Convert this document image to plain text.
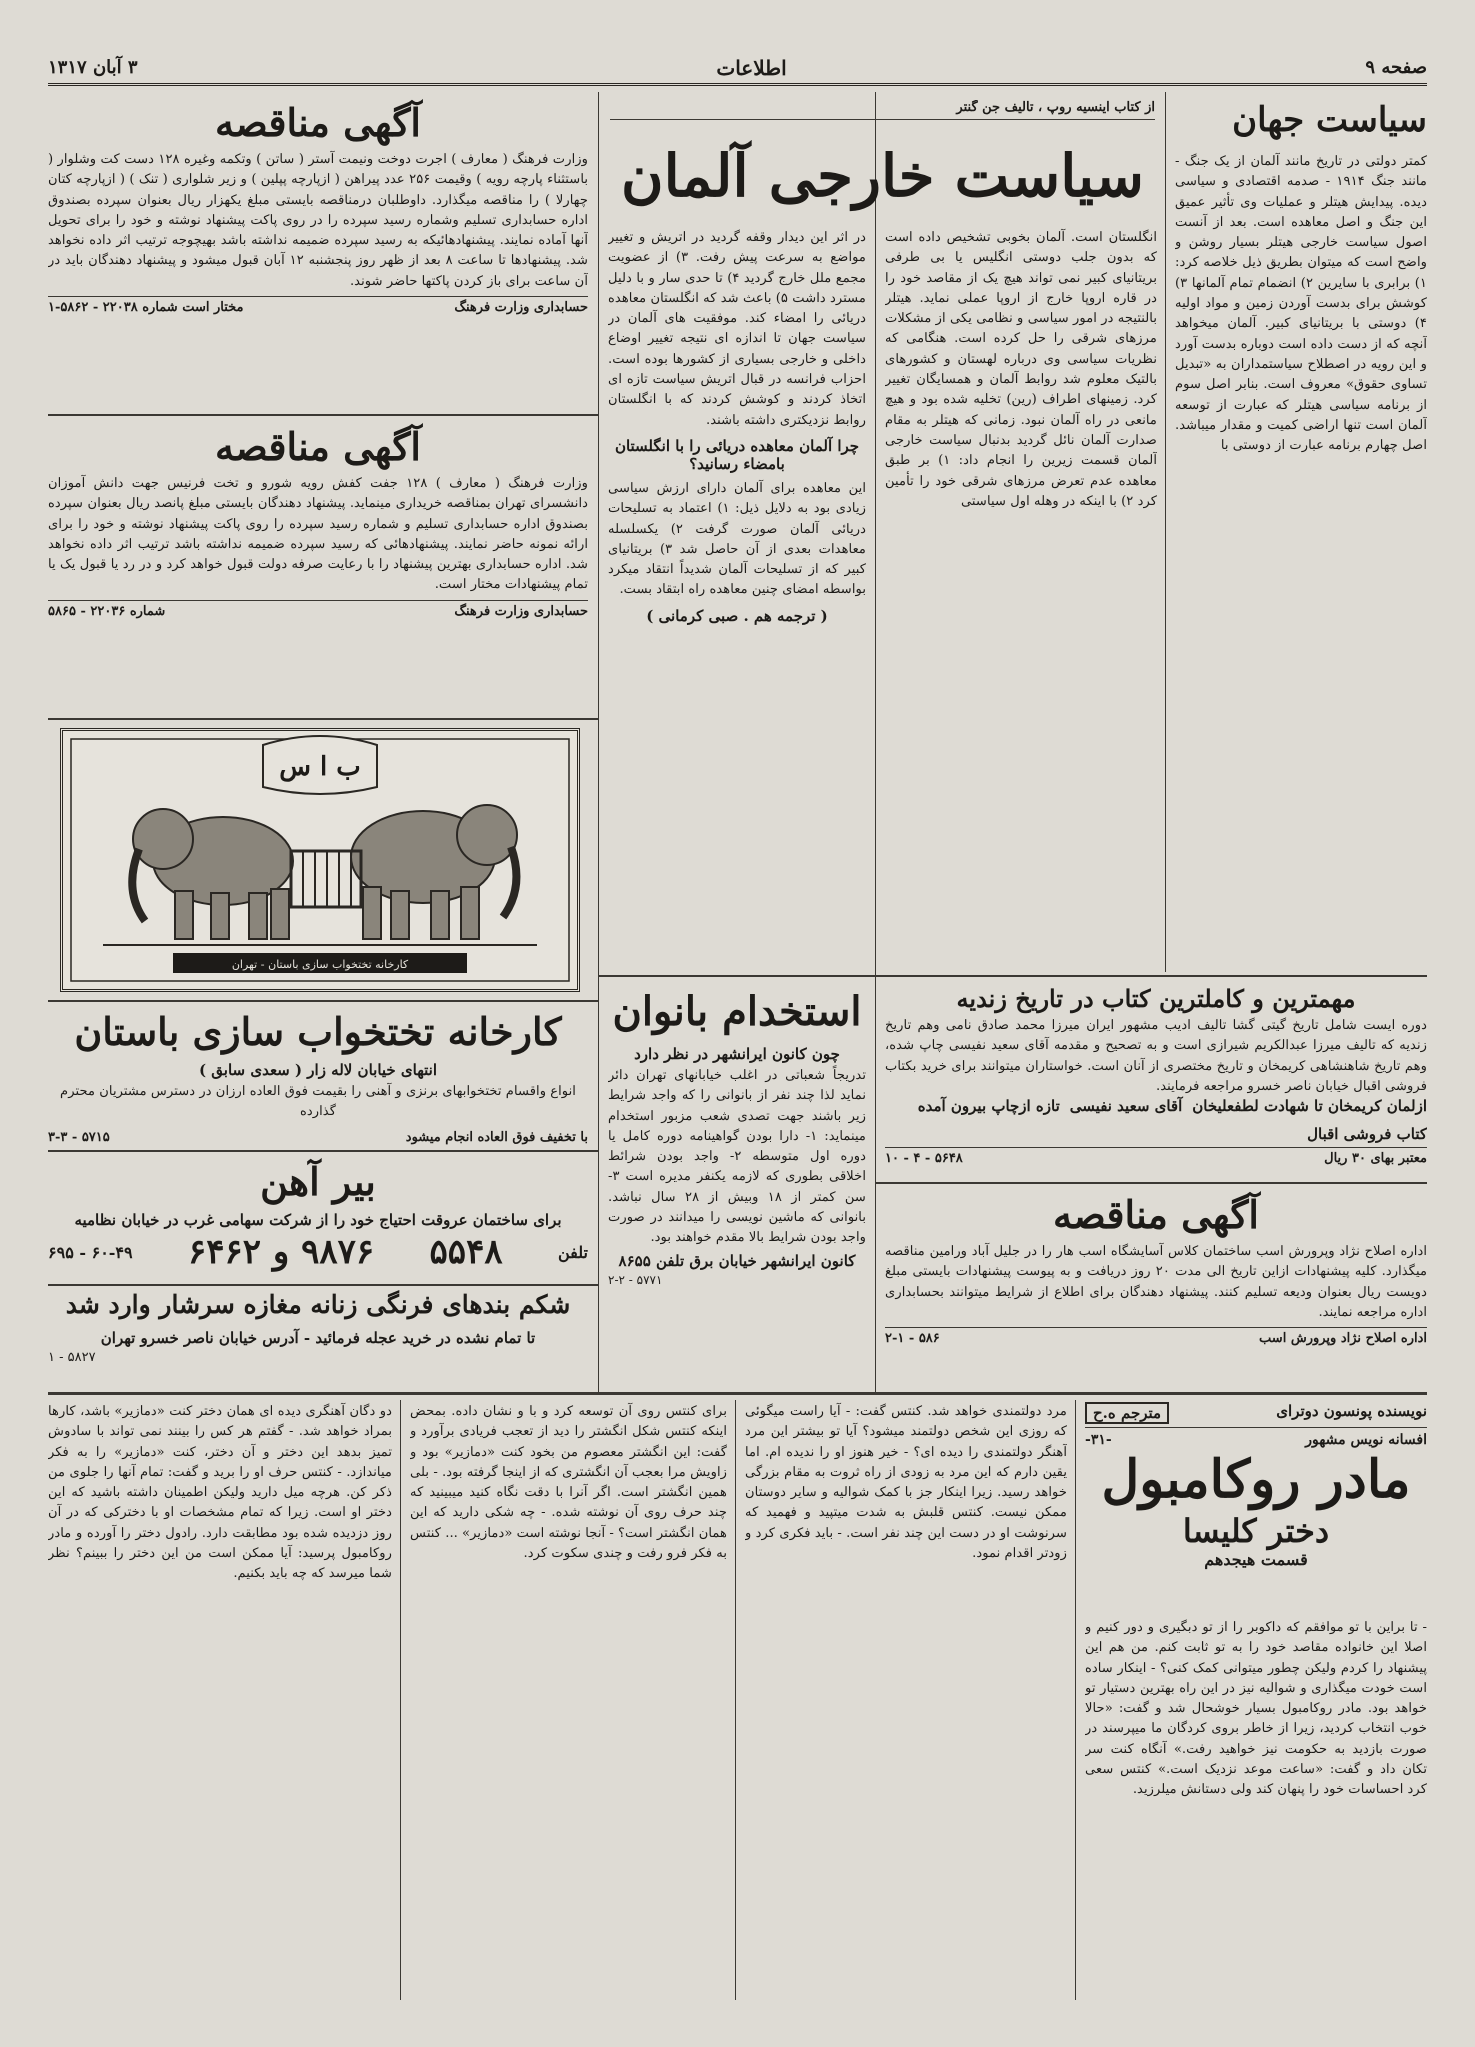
صفحه ۹
اطلاعات
۳ آبان ۱۳۱۷
سیاست جهان

کمتر دولتی در تاریخ مانند آلمان از یک جنگ - مانند جنگ ۱۹۱۴ - صدمه اقتصادی و سیاسی دیده. پیدایش هیتلر و عملیات وی تأثیر عمیق این جنگ و اصل معاهده است. بعد از آنست اصول سیاست خارجی هیتلر بسیار روشن و واضح است که میتوان بطریق ذیل خلاصه کرد: ۱) برابری با سایرین ۲) انضمام تمام آلمانها ۳) کوشش برای بدست آوردن زمین و مواد اولیه ۴) دوستی با بریتانیای کبیر. آلمان میخواهد آنچه که از دست داده است دوباره بدست آورد و این رویه در اصطلاح سیاستمداران به «تبدیل تساوی حقوق» معروف است. بنابر اصل سوم از برنامه سیاسی هیتلر که عبارت از توسعه آلمان است تنها اراضی کمیت و مقدار میباشد. اصل چهارم برنامه عبارت از دوستی با

از کتاب اینسیه روپ ، تالیف جن گنتر
سیاست خارجی آلمان

انگلستان است. آلمان بخوبی تشخیص داده است که بدون جلب دوستی انگلیس یا بی طرفی بریتانیای کبیر نمی تواند هیچ یک از مقاصد خود را در قاره اروپا خارج از اروپا عملی نماید. هیتلر بالنتیجه در امور سیاسی و نظامی یکی از مشکلات مرزهای شرقی را حل کرده است. هنگامی که نظریات سیاسی وی درباره لهستان و کشورهای بالتیک معلوم شد روابط آلمان و همسایگان تغییر کرد. زمینهای اطراف (رین) تخلیه شده بود و هیچ مانعی در راه آلمان نبود. زمانی که هیتلر به مقام صدارت آلمان نائل گردید بدنبال سیاست خارجی آلمان قسمت زیرین را انجام داد: ۱) بر طبق معاهده عدم تعرض مرزهای شرقی خود را تأمین کرد ۲) با اینکه در وهله اول سیاستی

در اثر این دیدار وقفه گردید در اتریش و تغییر مواضع به سرعت پیش رفت. ۳) از عضویت مجمع ملل خارج گردید ۴) تا حدی سار و با دلیل مسترد داشت ۵) باعث شد که انگلستان معاهده دریائی را امضاء کند. موفقیت های آلمان در سیاست جهان تا اندازه ای نتیجه تغییر اوضاع داخلی و خارجی بسیاری از کشورها بوده است. احزاب فرانسه در قبال اتریش سیاست تازه ای اتخاذ کردند و کوشش کردند که با انگلستان روابط نزدیکتری داشته باشند.

چرا آلمان معاهده دریائی را با انگلستان بامضاء رسانید؟

این معاهده برای آلمان دارای ارزش سیاسی زیادی بود به دلایل ذیل: ۱) اعتماد به تسلیحات دریائی آلمان صورت گرفت ۲) یکسلسله معاهدات بعدی از آن حاصل شد ۳) بریتانیای کبیر که از تسلیحات آلمان شدیداً انتقاد میکرد بواسطه امضای چنین معاهده راه ابتقاد بست.

( ترجمه هم . صبی کرمانی )
آگهی مناقصه

وزارت فرهنگ ( معارف ) اجرت دوخت ونیمت آستر ( ساتن ) وتکمه وغیره ۱۲۸ دست کت وشلوار ( باستثناء پارچه رویه ) وقیمت ۲۵۶ عدد پیراهن ( ازپارچه پپلین ) و زیر شلواری ( تنک ) ( ازپارچه کتان چهارلا ) را مناقصه میگذارد. داوطلبان درمناقصه بایستی مبلغ یکهزار ریال بعنوان سپرده بصندوق اداره حسابداری تسلیم وشماره رسید سپرده را در روی پاکت پیشنهاد نوشته و خود را برای تحویل آنها آماده نمایند. پیشنهادهائیکه به رسید سپرده ضمیمه نداشته باشد بهیچوجه ترتیب اثر داده نخواهد شد. پیشنهادها تا ساعت ۸ بعد از ظهر روز پنجشنبه ۱۲ آبان قبول میشود و پیشنهاد دهندگان باید در آن ساعت برای باز کردن پاکتها حاضر شوند.

حسابداری وزارت فرهنگ
مختار است شماره ۲۲۰۳۸ - ۵۸۶۲-۱
آگهی مناقصه

وزارت فرهنگ ( معارف ) ۱۲۸ جفت کفش رویه شورو و تخت فرنیس جهت دانش آموزان دانشسرای تهران بمناقصه خریداری مینماید. پیشنهاد دهندگان بایستی مبلغ پانصد ریال بعنوان سپرده بصندوق اداره حسابداری تسلیم و شماره رسید سپرده را روی پاکت پیشنهاد نوشته و خود را برای ارائه نمونه حاضر نمایند. پیشنهادهائی که رسید سپرده ضمیمه نداشته باشد ترتیب اثر داده نخواهد شد. اداره حسابداری بهترین پیشنهاد را با رعایت صرفه دولت قبول خواهد کرد و در رد یا قبول یک یا تمام پیشنهادات مختار است.

حسابداری وزارت فرهنگ
شماره ۲۲۰۳۶ - ۵۸۶۵
ب ا س
کارخانه تختخواب سازی باستان - تهران
کارخانه تختخواب سازی باستان
انتهای خیابان لاله زار ( سعدی سابق )

انواع واقسام تختخوابهای برنزی و آهنی را بقیمت فوق العاده ارزان در دسترس مشتریان محترم گذارده

با تخفیف فوق العاده انجام میشود
۵۷۱۵ - ۳-۳
بیر آهن
برای ساختمان عروقت احتیاج خود را از شرکت سهامی غرب در خیابان نظامیه
تلفن
۵۵۴۸
۹۸۷۶ و ۶۴۶۲
۶۰-۴۹ - ۶۹۵
شکم بندهای فرنگی زنانه مغازه سرشار وارد شد
تا تمام نشده در خرید عجله فرمائید - آدرس خیابان ناصر خسرو تهران
۵۸۲۷ - ۱
مهمترین و کاملترین کتاب در تاریخ زندیه

دوره ایست شامل تاریخ گیتی گشا تالیف ادیب مشهور ایران میرزا محمد صادق نامی وهم تاریخ زندیه که تالیف میرزا عبدالکریم شیرازی است و به تصحیح و مقدمه آقای سعید نفیسی چاپ شده، وهم تاریخ شاهنشاهی کریمخان و تاریخ مختصری از آنان است. خواستاران میتوانند برای خرید بکتاب فروشی اقبال خیابان ناصر خسرو مراجعه فرمایند.

ازلمان کریمخان تا شهادت لطفعلیخان
آقای سعید نفیسی
تازه ازچاپ بیرون آمده
کتاب فروشی اقبال
معتبر بهای ۳۰ ریال
۵۶۴۸ - ۴ - ۱۰
آگهی مناقصه

اداره اصلاح نژاد وپرورش اسب ساختمان کلاس آسایشگاه اسب هار را در جلیل آباد ورامین مناقصه میگذارد. کلیه پیشنهادات ازاین تاریخ الی مدت ۲۰ روز دریافت و به پیوست پیشنهادات بایستی مبلغ دویست ریال بعنوان ودیعه تسلیم کنند. پیشنهاد دهندگان برای اطلاع از شرایط میتوانند بحسابداری اداره مراجعه نمایند.

اداره اصلاح نژاد وپرورش اسب
۵۸۶ - ۲-۱
استخدام بانوان
چون کانون ایرانشهر در نظر دارد

تدریجاً شعباتی در اغلب خیابانهای تهران دائر نماید لذا چند نفر از بانوانی را که واجد شرایط زیر باشند جهت تصدی شعب مزبور استخدام مینماید: ۱- دارا بودن گواهینامه دوره کامل یا دوره اول متوسطه ۲- واجد بودن شرائط اخلاقی بطوری که لازمه یکنفر مدیره است ۳- سن کمتر از ۱۸ وبیش از ۲۸ سال نباشد. بانوانی که ماشین نویسی را میدانند در صورت واجد بودن شرایط بالا مقدم خواهند بود.

کانون ایرانشهر خیابان برق تلفن ۸۶۵۵
۵۷۷۱ - ۲-۲
نویسنده پونسون دوترای
مترجم ه.ح
افسانه نویس مشهور
-۳۱-
مادر روکامبول
دختر کلیسا
قسمت هیجدهم

- تا براین با تو موافقم که داکوبر را از تو دبگیری و دور کنیم و اصلا این خانواده مقاصد خود را به تو ثابت کنم. من هم این پیشنهاد را کردم ولیکن چطور میتوانی کمک کنی؟ - اینکار ساده است خودت میگذاری و شوالیه نیز در این راه بهترین دستیار تو خواهد بود. مادر روکامبول بسیار خوشحال شد و گفت: «حالا خوب انتخاب کردید، زیرا از خاطر بروی کردگان ما میپرسند در صورت بازدید به حکومت نیز خواهید رفت.» آنگاه کنت سر تکان داد و گفت: «ساعت موعد نزدیک است.» کنتس سعی کرد احساسات خود را پنهان کند ولی دستانش میلرزید.

مرد دولتمندی خواهد شد. کنتس گفت: - آیا راست میگوئی که روزی این شخص دولتمند میشود؟ آیا تو بیشتر این مرد آهنگر دولتمندی را دیده ای؟ - خیر هنوز او را ندیده ام. اما یقین دارم که این مرد به زودی از راه ثروت به مقام بزرگی خواهد رسید. زیرا اینکار جز با کمک شوالیه و سایر دوستان ممکن نیست. کنتس قلبش به شدت میتپید و فهمید که سرنوشت او در دست این چند نفر است. - باید فکری کرد و زودتر اقدام نمود.

برای کنتس روی آن توسعه کرد و با و نشان داده. بمحض اینکه کنتس شکل انگشتر را دید از تعجب فریادی برآورد و گفت: این انگشتر معصوم من بخود کنت «دمازیر» بود و زاویش مرا بعجب آن انگشتری که از اینجا گرفته بود. - بلی همین انگشتر است. اگر آنرا با دقت نگاه کنید میبینید که چند حرف روی آن نوشته شده. - چه شکی دارید که این همان انگشتر است؟ - آنجا نوشته است «دمازیر» ... کنتس به فکر فرو رفت و چندی سکوت کرد.

دو دگان آهنگری دیده ای همان دختر کنت «دمازیر» باشد، کارها بمراد خواهد شد. - گفتم هر کس را بینند نمی تواند با سادوش تمیز بدهد این دختر و آن دختر، کنت «دمازیر» را به فکر میاندازد. - کنتس حرف او را برید و گفت: تمام آنها را جلوی من ذکر کن. هرچه میل دارید ولیکن اطمینان داشته باشید که این دختر او است. زیرا که تمام مشخصات او با دخترکی که در آن روز دزدیده شده بود مطابقت دارد. رادول دختر را آورده و مادر روکامبول پرسید: آیا ممکن است من این دختر را ببینم؟ نظر شما میرسد که چه باید بکنیم.
